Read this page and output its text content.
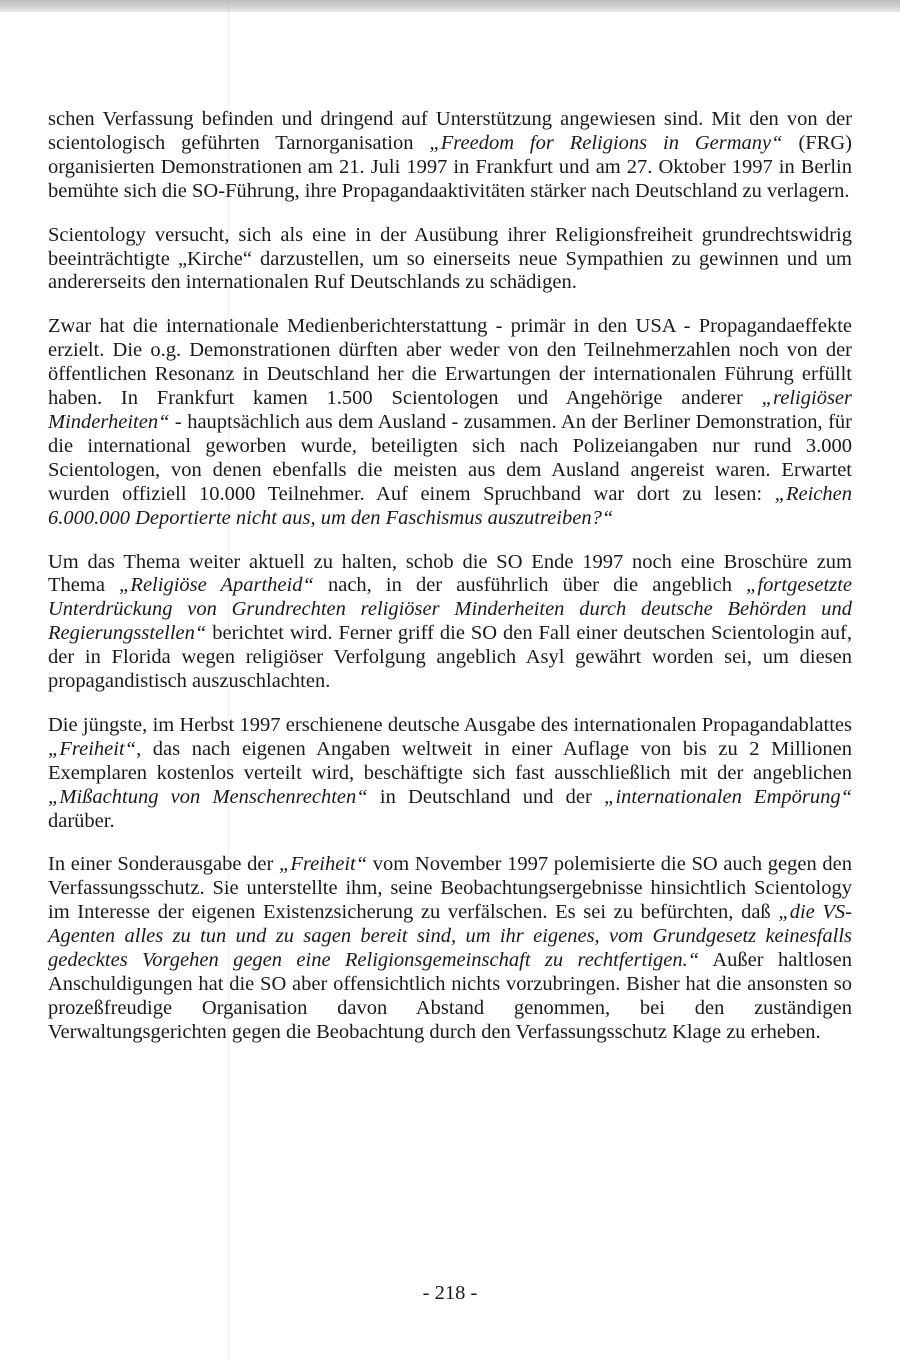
schen Verfassung befinden und dringend auf Unterstützung angewiesen sind. Mit den von der scientologisch geführten Tarnorganisation „Freedom for Religions in Germany“ (FRG) organisierten Demonstrationen am 21. Juli 1997 in Frankfurt und am 27. Oktober 1997 in Berlin bemühte sich die SO-Führung, ihre Propagandaaktivitäten stärker nach Deutschland zu verlagern.

Scientology versucht, sich als eine in der Ausübung ihrer Religionsfreiheit grundrechtswidrig beeinträchtigte „Kirche“ darzustellen, um so einerseits neue Sympathien zu gewinnen und um andererseits den internationalen Ruf Deutschlands zu schädigen.

Zwar hat die internationale Medienberichterstattung - primär in den USA - Propagandaeffekte erzielt. Die o.g. Demonstrationen dürften aber weder von den Teilnehmerzahlen noch von der öffentlichen Resonanz in Deutschland her die Erwartungen der internationalen Führung erfüllt haben. In Frankfurt kamen 1.500 Scientologen und Angehörige anderer „religiöser Minderheiten“ - hauptsächlich aus dem Ausland - zusammen. An der Berliner Demonstration, für die international geworben wurde, beteiligten sich nach Polizeiangaben nur rund 3.000 Scientologen, von denen ebenfalls die meisten aus dem Ausland angereist waren. Erwartet wurden offiziell 10.000 Teilnehmer. Auf einem Spruchband war dort zu lesen: „Reichen 6.000.000 Deportierte nicht aus, um den Faschismus auszutreiben?“

Um das Thema weiter aktuell zu halten, schob die SO Ende 1997 noch eine Broschüre zum Thema „Religiöse Apartheid“ nach, in der ausführlich über die angeblich „fortgesetzte Unterdrückung von Grundrechten religiöser Minderheiten durch deutsche Behörden und Regierungsstellen“ berichtet wird. Ferner griff die SO den Fall einer deutschen Scientologin auf, der in Florida wegen religiöser Verfolgung angeblich Asyl gewährt worden sei, um diesen propagandistisch auszuschlachten.

Die jüngste, im Herbst 1997 erschienene deutsche Ausgabe des internationalen Propagandablattes „Freiheit“, das nach eigenen Angaben weltweit in einer Auflage von bis zu 2 Millionen Exemplaren kostenlos verteilt wird, beschäftigte sich fast ausschließlich mit der angeblichen „Mißachtung von Menschenrechten“ in Deutschland und der „internationalen Empörung“ darüber.

In einer Sonderausgabe der „Freiheit“ vom November 1997 polemisierte die SO auch gegen den Verfassungsschutz. Sie unterstellte ihm, seine Beobachtungsergebnisse hinsichtlich Scientology im Interesse der eigenen Existenzsicherung zu verfälschen. Es sei zu befürchten, daß „die VS-Agenten alles zu tun und zu sagen bereit sind, um ihr eigenes, vom Grundgesetz keinesfalls gedecktes Vorgehen gegen eine Religionsgemeinschaft zu rechtfertigen.“ Außer haltlosen Anschuldigungen hat die SO aber offensichtlich nichts vorzubringen. Bisher hat die ansonsten so prozeßfreudige Organisation davon Abstand genommen, bei den zuständigen Verwaltungsgerichten gegen die Beobachtung durch den Verfassungsschutz Klage zu erheben.

- 218 -
